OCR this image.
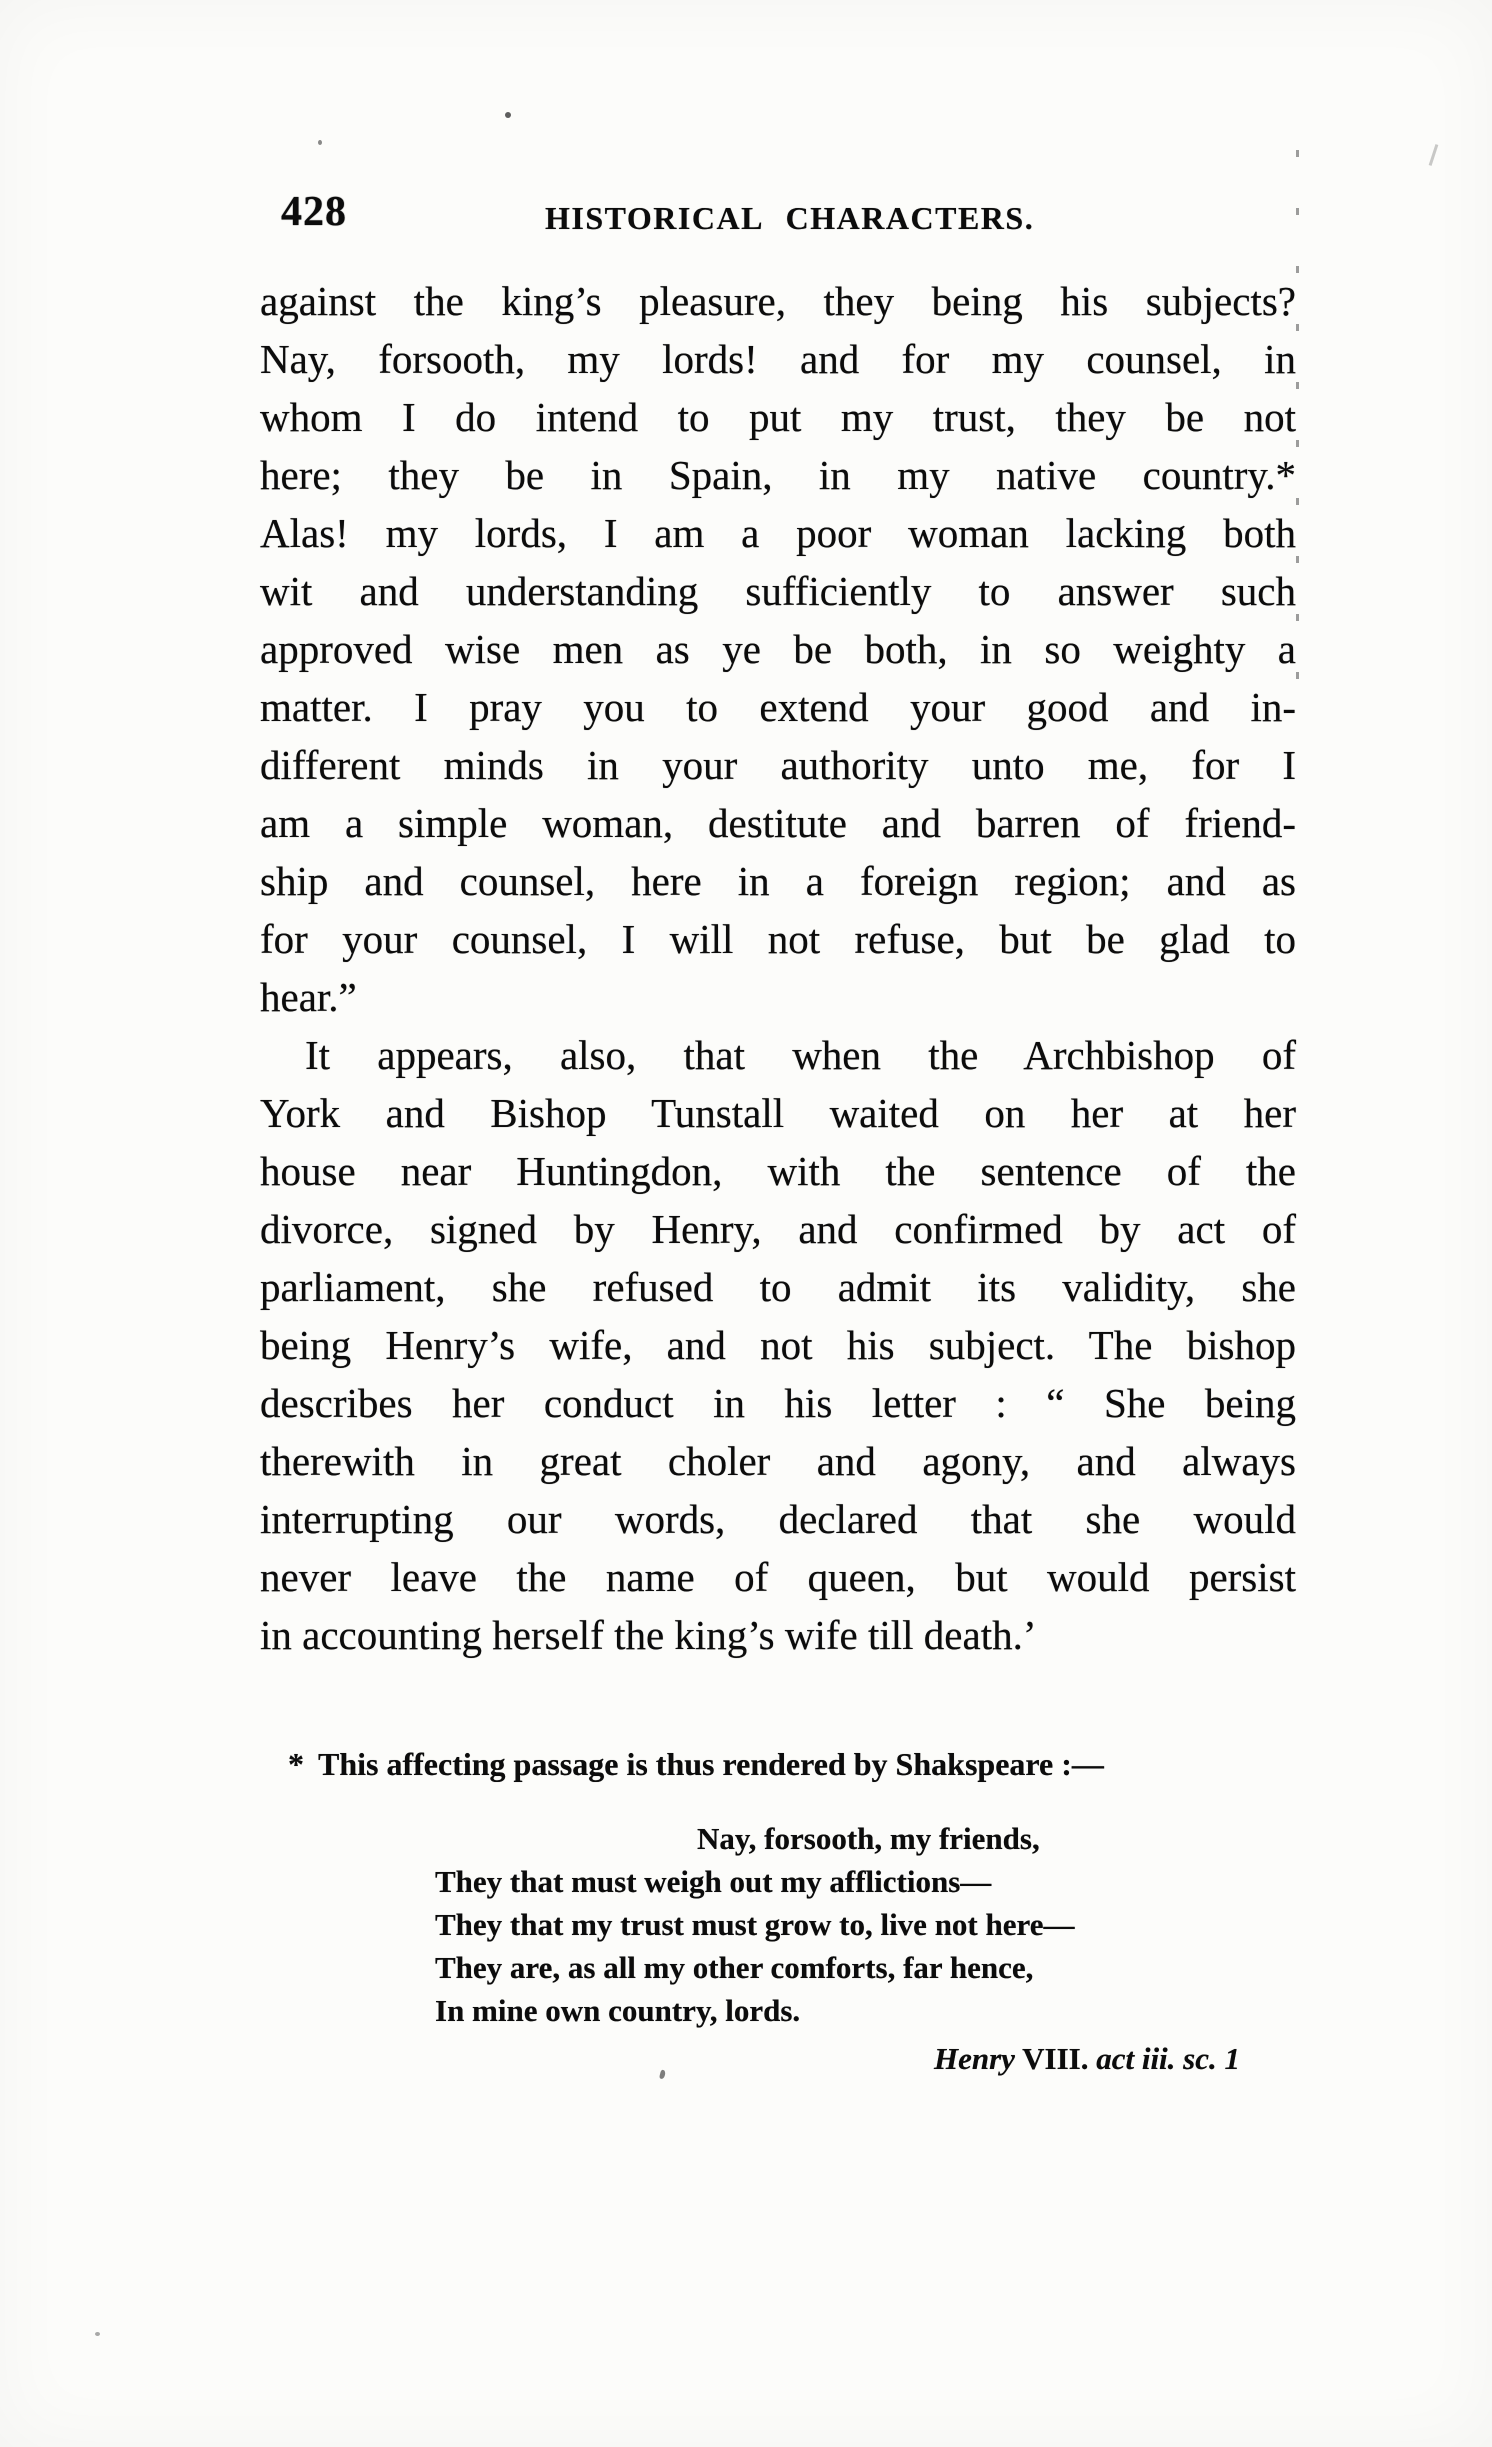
428	HISTORICAL CHARACTERS.
against the king’s pleasure, they being his subjects?
Nay, forsooth, my lords! and for my counsel, in
whom I do intend to put my trust, they be not
here; they be in Spain, in my native country.*
Alas! my lords, I am a poor woman lacking both
wit and understanding sufficiently to answer such
approved wise men as ye be both, in so weighty a
matter. I pray you to extend your good and in-
different minds in your authority unto me, for I
am a simple woman, destitute and barren of friend-
ship and counsel, here in a foreign region; and as
for your counsel, I will not refuse, but be glad to
hear.”
It appears, also, that when the Archbishop of
York and Bishop Tunstall waited on her at her
house near Huntingdon, with the sentence of the
divorce, signed by Henry, and confirmed by act of
parliament, she refused to admit its validity, she
being Henry’s wife, and not his subject. The bishop
describes her conduct in his letter : “ She being
therewith in great choler and agony, and always
interrupting our words, declared that she would
never leave the name of queen, but would persist
in accounting herself the king’s wife till death.’
* This affecting passage is thus rendered by Shakspeare :—
Nay, forsooth, my friends,
They that must weigh out my afflictions—
They that my trust must grow to, live not here—
They are, as all my other comforts, far hence,
In mine own country, lords.
Henry VIII. act iii. sc. 1
